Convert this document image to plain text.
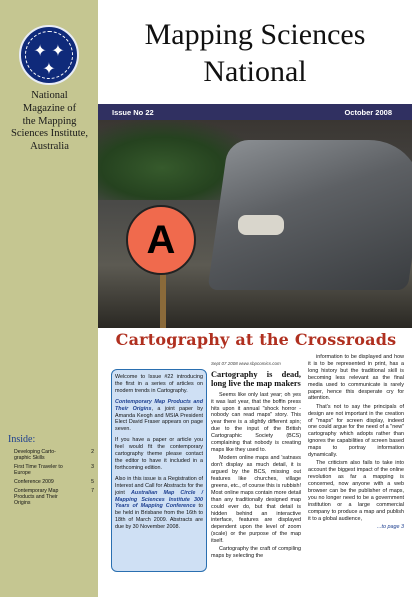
✦ ✦
✦
National
Magazine of
the Mapping
Sciences Institute,
Australia
Inside:
Developing Carto-
graphic Skills
2
First Time Traveler to
Europe
3
Conference 2009	5
Contemporary Map
Products and Their
Origins
7
Mapping Sciences
National
Issue No 22	October 2008
A
Cartography at the Crossroads

Welcome to Issue #22 introducing the first in a series of articles on modern trends in Cartography.

Contemporary Map Products and Their Origins, a joint paper by Amanda Keogh and MSIA President Elect David Fraser appears on page seven.

If you have a paper or article you feel would fit the contemporary cartography theme please contact the editor to have it included in a forthcoming edition.

Also in this issue is a Registration of Interest and Call for Abstracts for the joint Australian Map Circle / Mapping Sciences Institute 300 Years of Mapping Conference to be held in Brisbane from the 16th to 18th of March 2009. Abstracts are due by 30 November 2008.

Sept 07 2008 www.sbpcomics.com
Cartography is dead, long live the map makers

Seems like only last year; oh yes it was last year, that the boffin press hits upon it annual "shock horror - nobody can read maps" story. This year there is a slightly different spin; due to the input of the British Cartographic Society (BCS) complaining that nobody is creating maps like they used to.

Modern online maps and 'satnavs don't display as much detail, it is argued by the BCS, missing out features like churches, village greens, etc., of course this is rubbish! Most online maps contain more detail than any traditionally designed map could ever do, but that detail is hidden behind an interactive interface, features are displayed dependent upon the level of zoom (scale) or the purpose of the map itself.

Cartography the craft of compiling maps by selecting the

information to be displayed and how it is to be represented in print, has a long history but the traditional skill is becoming less relevant as the final media used to communicate is rarely paper, hence this desperate cry for attention.

That's not to say the principals of design are not important in the creation of "maps" for screen display, indeed one could argue for the need of a "new" cartography which adopts rather than ignores the capabilities of screen based maps to portray information dynamically.

The criticism also fails to take into account the biggest impact of the online revolution as far a mapping is concerned, now anyone with a web browser can be the publisher of maps, you no longer need to be a government institution or a large commercial company to produce a map and publish it to a global audience,

...to page 3
